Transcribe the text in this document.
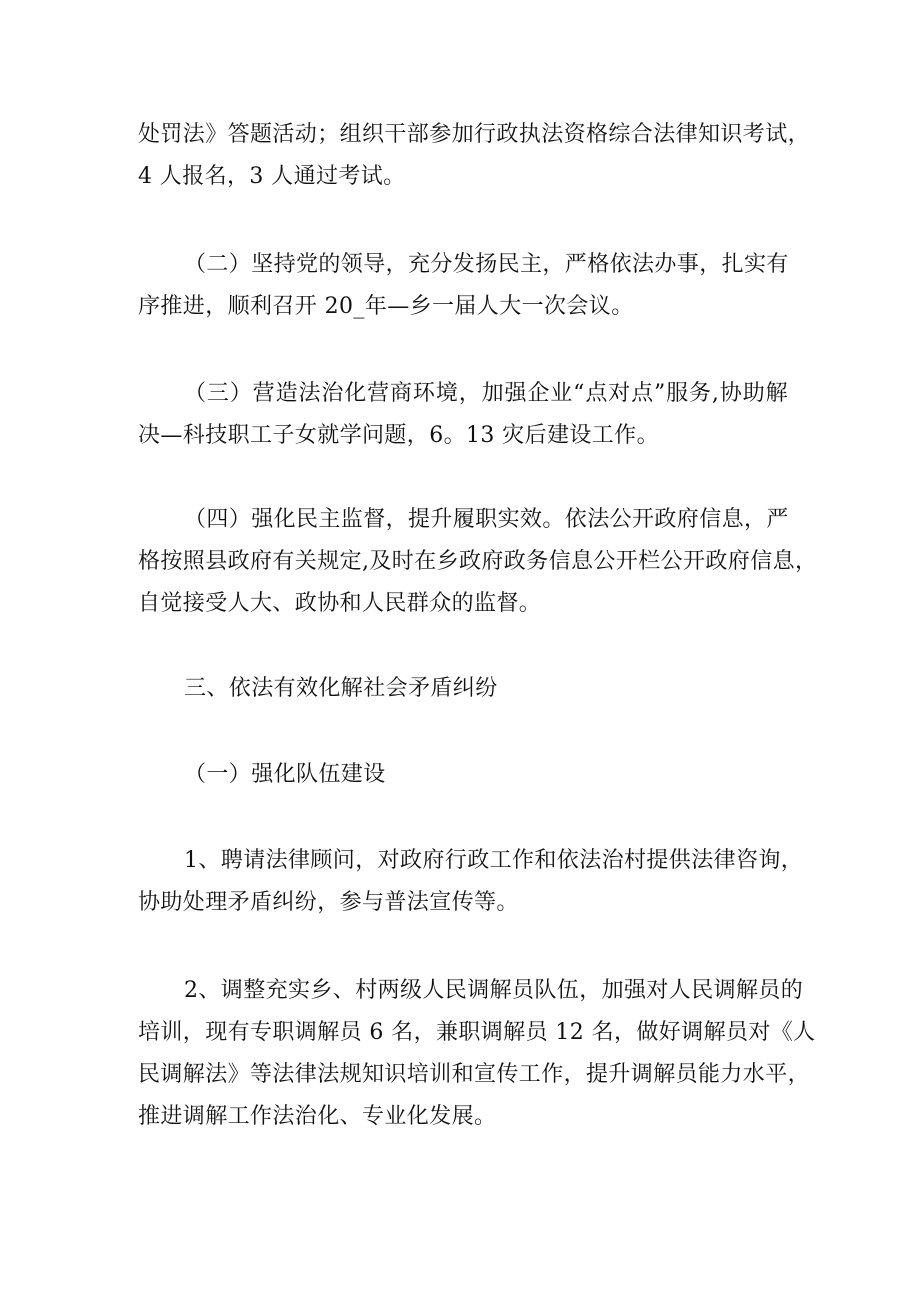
处罚法》答题活动；组织干部参加行政执法资格综合法律知识考试，
4 人报名，3 人通过考试。
（二）坚持党的领导，充分发扬民主，严格依法办事，扎实有
序推进，顺利召开 20_年—乡一届人大一次会议。
（三）营造法治化营商环境，加强企业“点对点”服务,协助解
决—科技职工子女就学问题，6。13 灾后建设工作。
（四）强化民主监督，提升履职实效。依法公开政府信息，严
格按照县政府有关规定,及时在乡政府政务信息公开栏公开政府信息，
自觉接受人大、政协和人民群众的监督。
三、依法有效化解社会矛盾纠纷
（一）强化队伍建设
1、聘请法律顾问，对政府行政工作和依法治村提供法律咨询，
协助处理矛盾纠纷，参与普法宣传等。
2、调整充实乡、村两级人民调解员队伍，加强对人民调解员的
培训，现有专职调解员 6 名，兼职调解员 12 名，做好调解员对《人
民调解法》等法律法规知识培训和宣传工作，提升调解员能力水平，
推进调解工作法治化、专业化发展。
